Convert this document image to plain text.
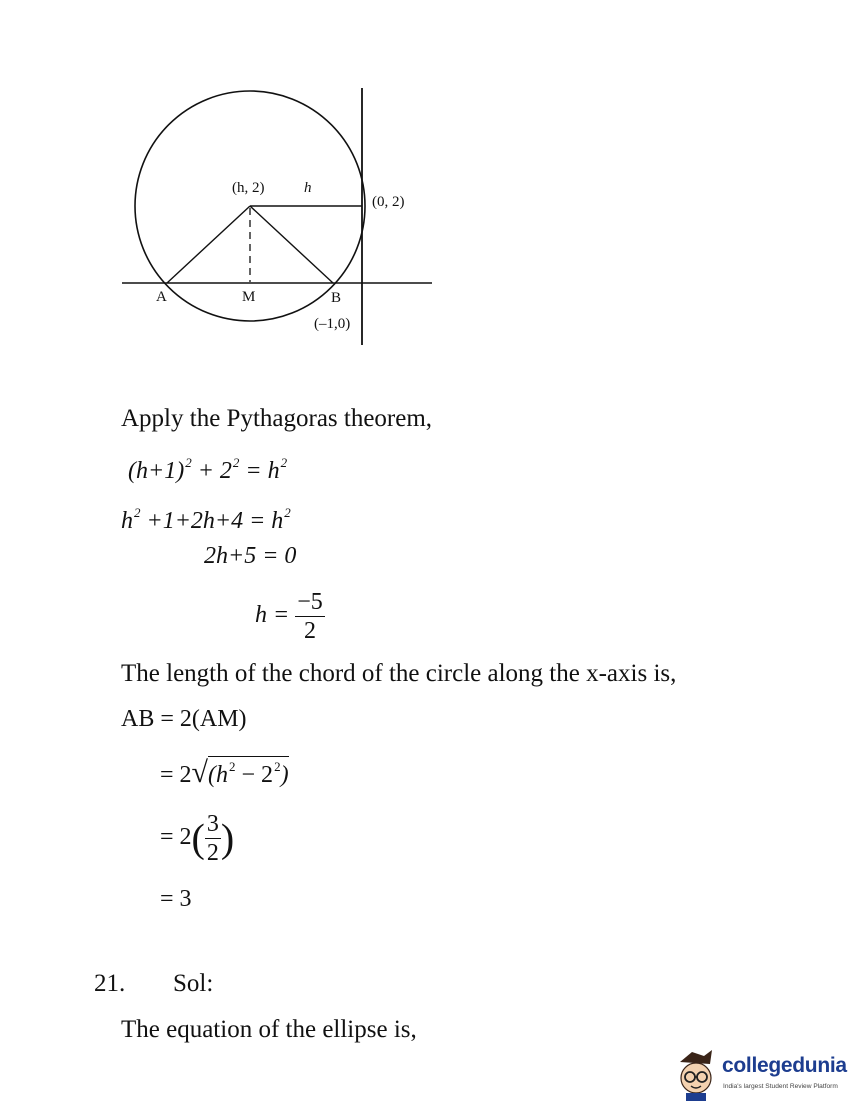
(h, 2)	h
(0, 2)
A	M	B
(–1,0)
Apply the Pythagoras theorem,
$(h+1)^2 + 2^2 = h^2$
$h^2 +1+2h+4 = h^2$
2h+5 = 0
$h = \frac{-5}{2}$
The length of the chord of the circle along the x-axis is,
AB = 2(AM)
= $2√(h^2 - 2^2)$
= $2( \frac{3}{2}$ )
= 3
21. Sol:
The equation of the ellipse is,
collegedunia
India's largest Student Review Platform
